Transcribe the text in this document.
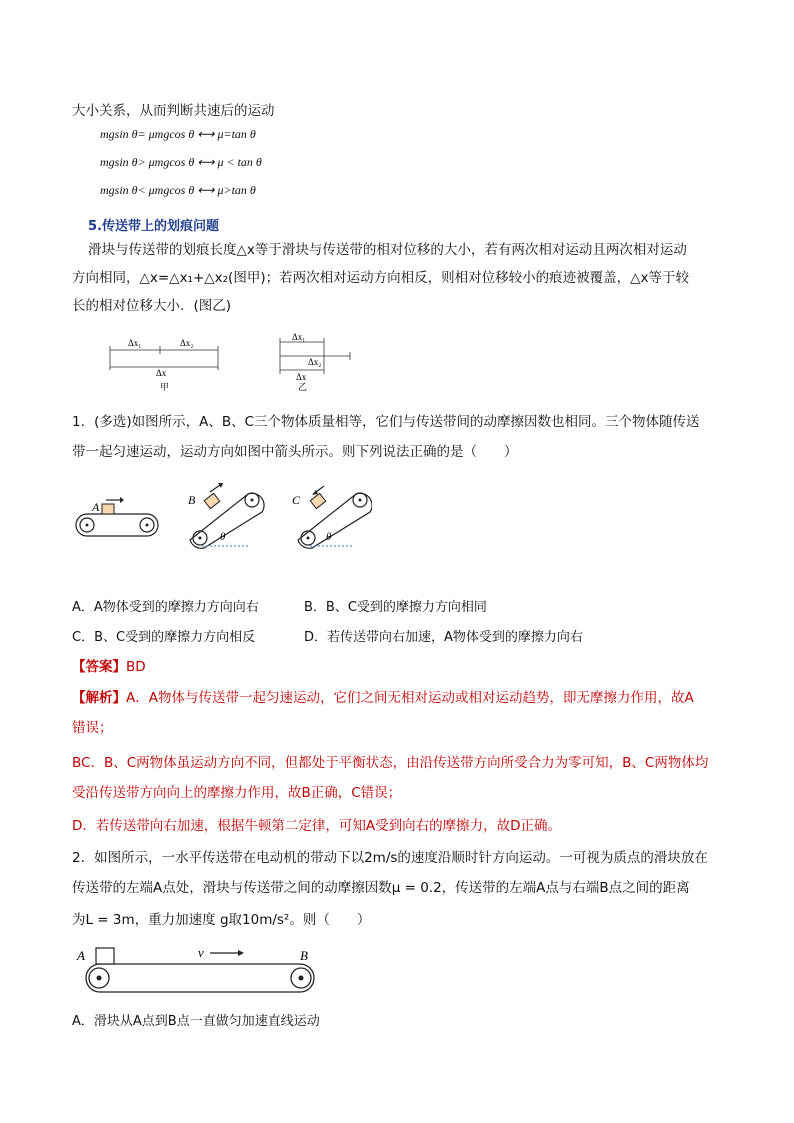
大小关系，从而判断共速后的运动
mgsin θ= μmgcos θ ⟷ μ=tan θ
mgsin θ> μmgcos θ ⟷ μ < tan θ
mgsin θ< μmgcos θ ⟷ μ>tan θ
5.传送带上的划痕问题
滑块与传送带的划痕长度△x等于滑块与传送带的相对位移的大小，若有两次相对运动且两次相对运动
方向相同，△x=△x₁+△x₂(图甲)；若两次相对运动方向相反，则相对位移较小的痕迹被覆盖，△x等于较
长的相对位移大小．(图乙)
Δx₁	Δx₂
Δx
甲
Δx₁
Δx₂
Δx
乙
1．(多选)如图所示，A、B、C三个物体质量相等，它们与传送带间的动摩擦因数也相同。三个物体随传送
带一起匀速运动，运动方向如图中箭头所示。则下列说法正确的是（　　）
A	B	C
θ	θ
A．A物体受到的摩擦力方向向右	B．B、C受到的摩擦力方向相同
C．B、C受到的摩擦力方向相反	D．若传送带向右加速，A物体受到的摩擦力向右
【答案】BD
【解析】A．A物体与传送带一起匀速运动，它们之间无相对运动或相对运动趋势，即无摩擦力作用，故A
错误；
BC．B、C两物体虽运动方向不同，但都处于平衡状态，由沿传送带方向所受合力为零可知，B、C两物体均
受沿传送带方向向上的摩擦力作用，故B正确，C错误；
D．若传送带向右加速，根据牛顿第二定律，可知A受到向右的摩擦力，故D正确。
2．如图所示，一水平传送带在电动机的带动下以2m/s的速度沿顺时针方向运动。一可视为质点的滑块放在
传送带的左端A点处，滑块与传送带之间的动摩擦因数μ = 0.2，传送带的左端A点与右端B点之间的距离
为L = 3m，重力加速度 g取10m/s²。则（　　）
A	B
v
A．滑块从A点到B点一直做匀加速直线运动
